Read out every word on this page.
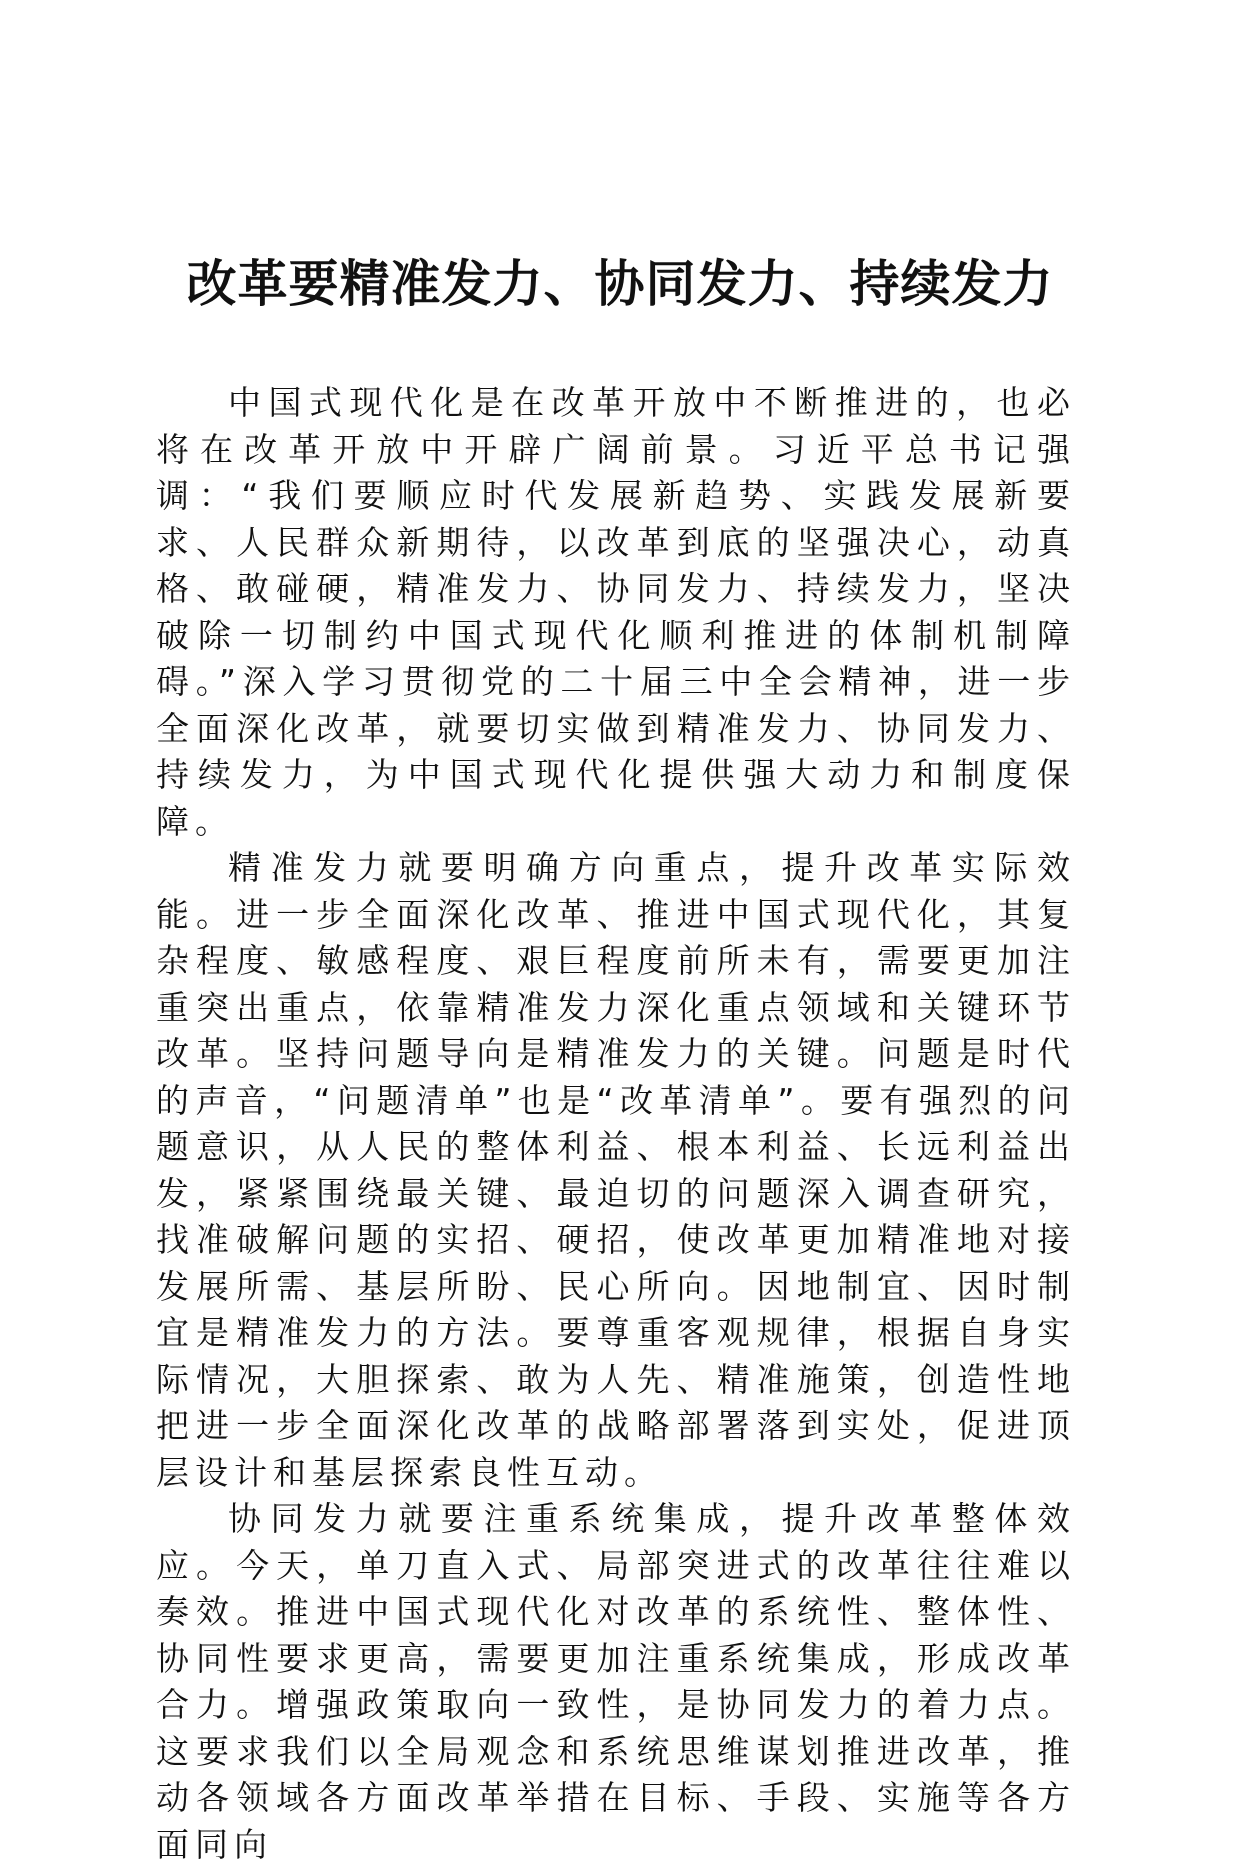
改革要精准发力、协同发力、持续发力

中国式现代化是在改革开放中不断推进的，也必将在改革开放中开辟广阔前景。习近平总书记强调：“我们要顺应时代发展新趋势、实践发展新要求、人民群众新期待，以改革到底的坚强决心，动真格、敢碰硬，精准发力、协同发力、持续发力，坚决破除一切制约中国式现代化顺利推进的体制机制障碍。”深入学习贯彻党的二十届三中全会精神，进一步全面深化改革，就要切实做到精准发力、协同发力、持续发力，为中国式现代化提供强大动力和制度保障。

精准发力就要明确方向重点，提升改革实际效能。进一步全面深化改革、推进中国式现代化，其复杂程度、敏感程度、艰巨程度前所未有，需要更加注重突出重点，依靠精准发力深化重点领域和关键环节改革。坚持问题导向是精准发力的关键。问题是时代的声音，“问题清单”也是“改革清单”。要有强烈的问题意识，从人民的整体利益、根本利益、长远利益出发，紧紧围绕最关键、最迫切的问题深入调查研究，找准破解问题的实招、硬招，使改革更加精准地对接发展所需、基层所盼、民心所向。因地制宜、因时制宜是精准发力的方法。要尊重客观规律，根据自身实际情况，大胆探索、敢为人先、精准施策，创造性地把进一步全面深化改革的战略部署落到实处，促进顶层设计和基层探索良性互动。

协同发力就要注重系统集成，提升改革整体效应。今天，单刀直入式、局部突进式的改革往往难以奏效。推进中国式现代化对改革的系统性、整体性、协同性要求更高，需要更加注重系统集成，形成改革合力。增强政策取向一致性，是协同发力的着力点。这要求我们以全局观念和系统思维谋划推进改革，推动各领域各方面改革举措在目标、手段、实施等各方面同向
